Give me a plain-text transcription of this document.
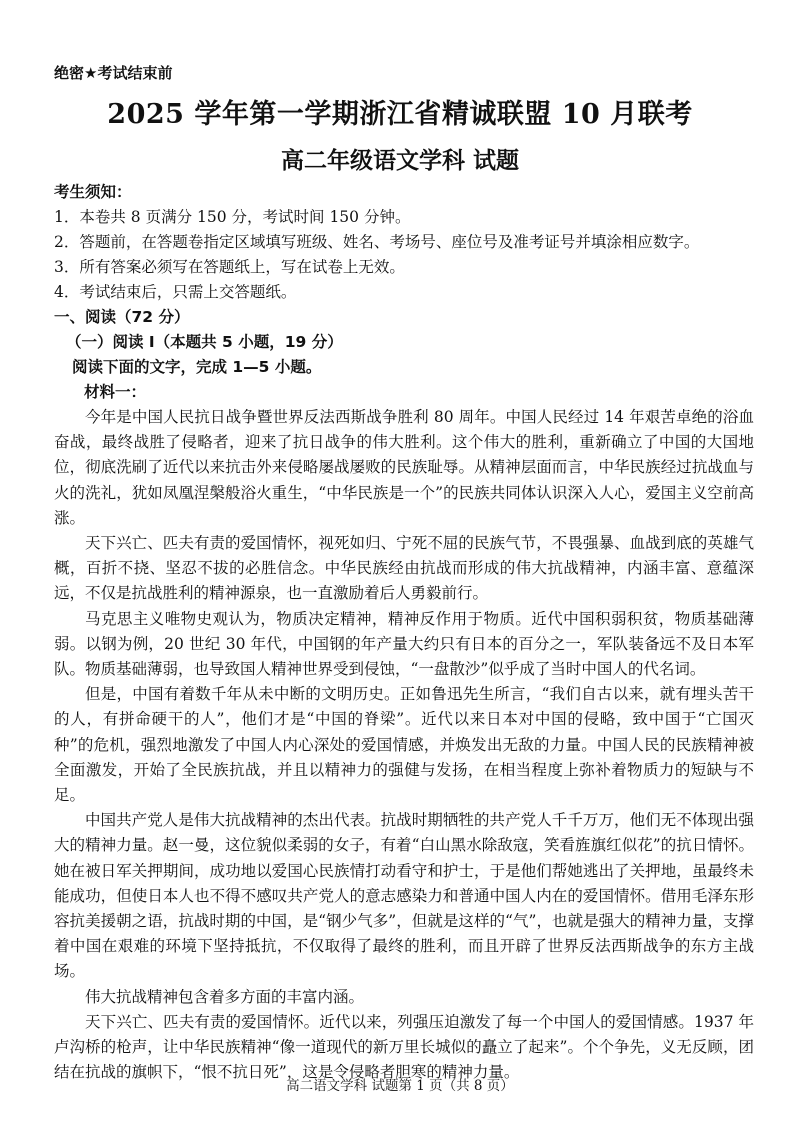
绝密★考试结束前
2025 学年第一学期浙江省精诚联盟 10 月联考
高二年级语文学科 试题
考生须知：
1．本卷共 8 页满分 150 分，考试时间 150 分钟。
2．答题前，在答题卷指定区域填写班级、姓名、考场号、座位号及准考证号并填涂相应数字。
3．所有答案必须写在答题纸上，写在试卷上无效。
4．考试结束后，只需上交答题纸。
一、阅读（72 分）
（一）阅读 I（本题共 5 小题，19 分）
阅读下面的文字，完成 1—5 小题。
材料一：

今年是中国人民抗日战争暨世界反法西斯战争胜利 80 周年。中国人民经过 14 年艰苦卓绝的浴血奋战，最终战胜了侵略者，迎来了抗日战争的伟大胜利。这个伟大的胜利，重新确立了中国的大国地位，彻底洗刷了近代以来抗击外来侵略屡战屡败的民族耻辱。从精神层面而言，中华民族经过抗战血与火的洗礼，犹如凤凰涅槃般浴火重生，“中华民族是一个”的民族共同体认识深入人心，爱国主义空前高涨。

天下兴亡、匹夫有责的爱国情怀，视死如归、宁死不屈的民族气节，不畏强暴、血战到底的英雄气概，百折不挠、坚忍不拔的必胜信念。中华民族经由抗战而形成的伟大抗战精神，内涵丰富、意蕴深远，不仅是抗战胜利的精神源泉，也一直激励着后人勇毅前行。

马克思主义唯物史观认为，物质决定精神，精神反作用于物质。近代中国积弱积贫，物质基础薄弱。以钢为例，20 世纪 30 年代，中国钢的年产量大约只有日本的百分之一，军队装备远不及日本军队。物质基础薄弱，也导致国人精神世界受到侵蚀，“一盘散沙”似乎成了当时中国人的代名词。

但是，中国有着数千年从未中断的文明历史。正如鲁迅先生所言，“我们自古以来，就有埋头苦干的人，有拼命硬干的人”，他们才是“中国的脊梁”。近代以来日本对中国的侵略，致中国于“亡国灭种”的危机，强烈地激发了中国人内心深处的爱国情感，并焕发出无敌的力量。中国人民的民族精神被全面激发，开始了全民族抗战，并且以精神力的强健与发扬，在相当程度上弥补着物质力的短缺与不足。

中国共产党人是伟大抗战精神的杰出代表。抗战时期牺牲的共产党人千千万万，他们无不体现出强大的精神力量。赵一曼，这位貌似柔弱的女子，有着“白山黑水除敌寇，笑看旌旗红似花”的抗日情怀。她在被日军关押期间，成功地以爱国心民族情打动看守和护士，于是他们帮她逃出了关押地，虽最终未能成功，但使日本人也不得不感叹共产党人的意志感染力和普通中国人内在的爱国情怀。借用毛泽东形容抗美援朝之语，抗战时期的中国，是“钢少气多”，但就是这样的“气”，也就是强大的精神力量，支撑着中国在艰难的环境下坚持抵抗，不仅取得了最终的胜利，而且开辟了世界反法西斯战争的东方主战场。

伟大抗战精神包含着多方面的丰富内涵。

天下兴亡、匹夫有责的爱国情怀。近代以来，列强压迫激发了每一个中国人的爱国情感。1937 年卢沟桥的枪声，让中华民族精神“像一道现代的新万里长城似的矗立了起来”。个个争先，义无反顾，团结在抗战的旗帜下，“恨不抗日死”，这是令侵略者胆寒的精神力量。

高二语文学科 试题第 1 页（共 8 页）
